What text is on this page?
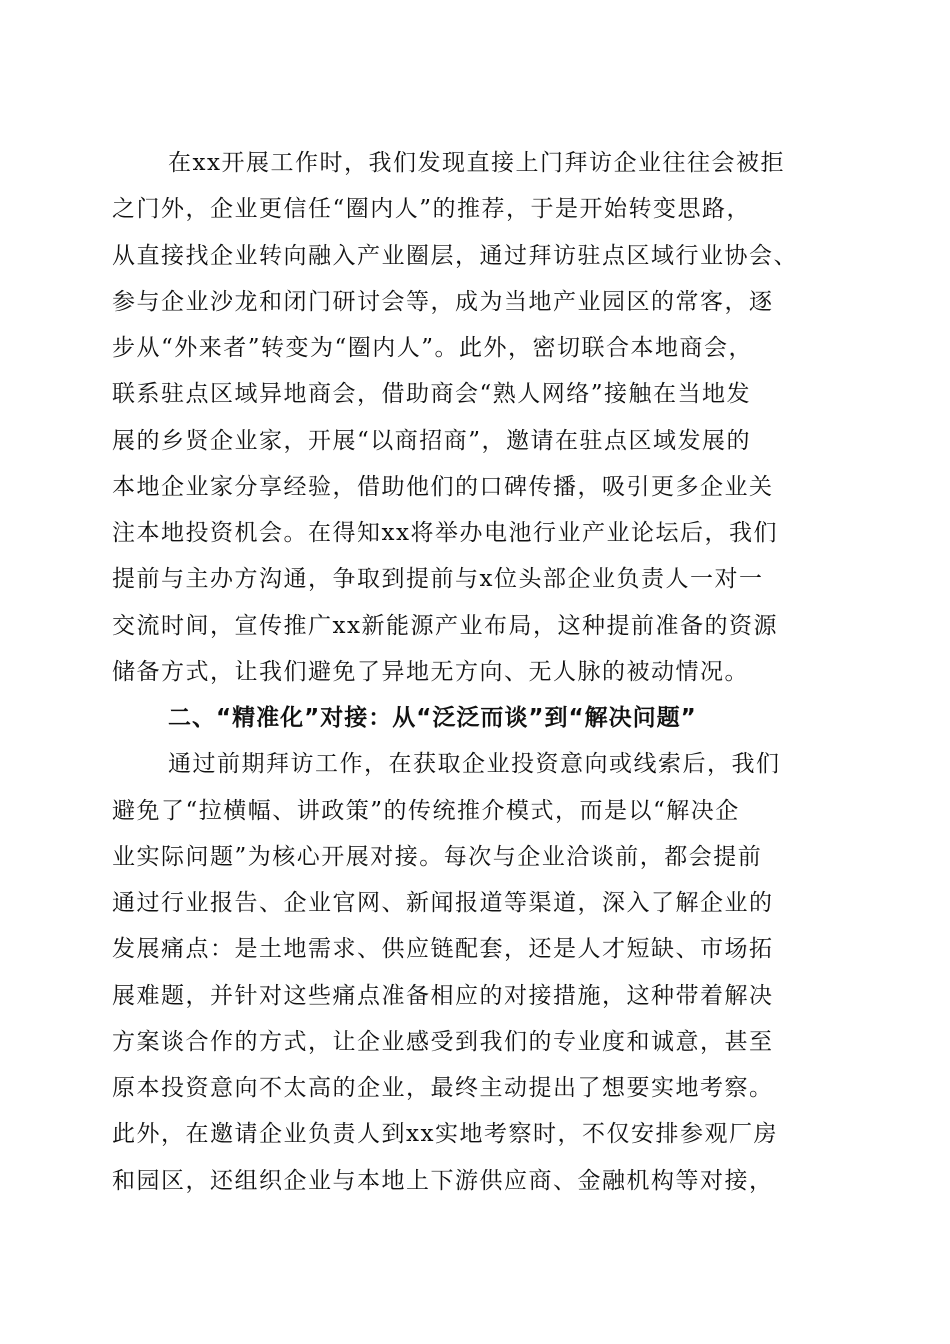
在xx开展工作时，我们发现直接上门拜访企业往往会被拒
之门外，企业更信任“圈内人”的推荐，于是开始转变思路，
从直接找企业转向融入产业圈层，通过拜访驻点区域行业协会、
参与企业沙龙和闭门研讨会等，成为当地产业园区的常客，逐
步从“外来者”转变为“圈内人”。此外，密切联合本地商会，
联系驻点区域异地商会，借助商会“熟人网络”接触在当地发
展的乡贤企业家，开展“以商招商”，邀请在驻点区域发展的
本地企业家分享经验，借助他们的口碑传播，吸引更多企业关
注本地投资机会。在得知xx将举办电池行业产业论坛后，我们
提前与主办方沟通，争取到提前与x位头部企业负责人一对一
交流时间，宣传推广xx新能源产业布局，这种提前准备的资源
储备方式，让我们避免了异地无方向、无人脉的被动情况。
二、“精准化”对接：从“泛泛而谈”到“解决问题”
通过前期拜访工作，在获取企业投资意向或线索后，我们
避免了“拉横幅、讲政策”的传统推介模式，而是以“解决企
业实际问题”为核心开展对接。每次与企业洽谈前，都会提前
通过行业报告、企业官网、新闻报道等渠道，深入了解企业的
发展痛点：是土地需求、供应链配套，还是人才短缺、市场拓
展难题，并针对这些痛点准备相应的对接措施，这种带着解决
方案谈合作的方式，让企业感受到我们的专业度和诚意，甚至
原本投资意向不太高的企业，最终主动提出了想要实地考察。
此外，在邀请企业负责人到xx实地考察时，不仅安排参观厂房
和园区，还组织企业与本地上下游供应商、金融机构等对接，
